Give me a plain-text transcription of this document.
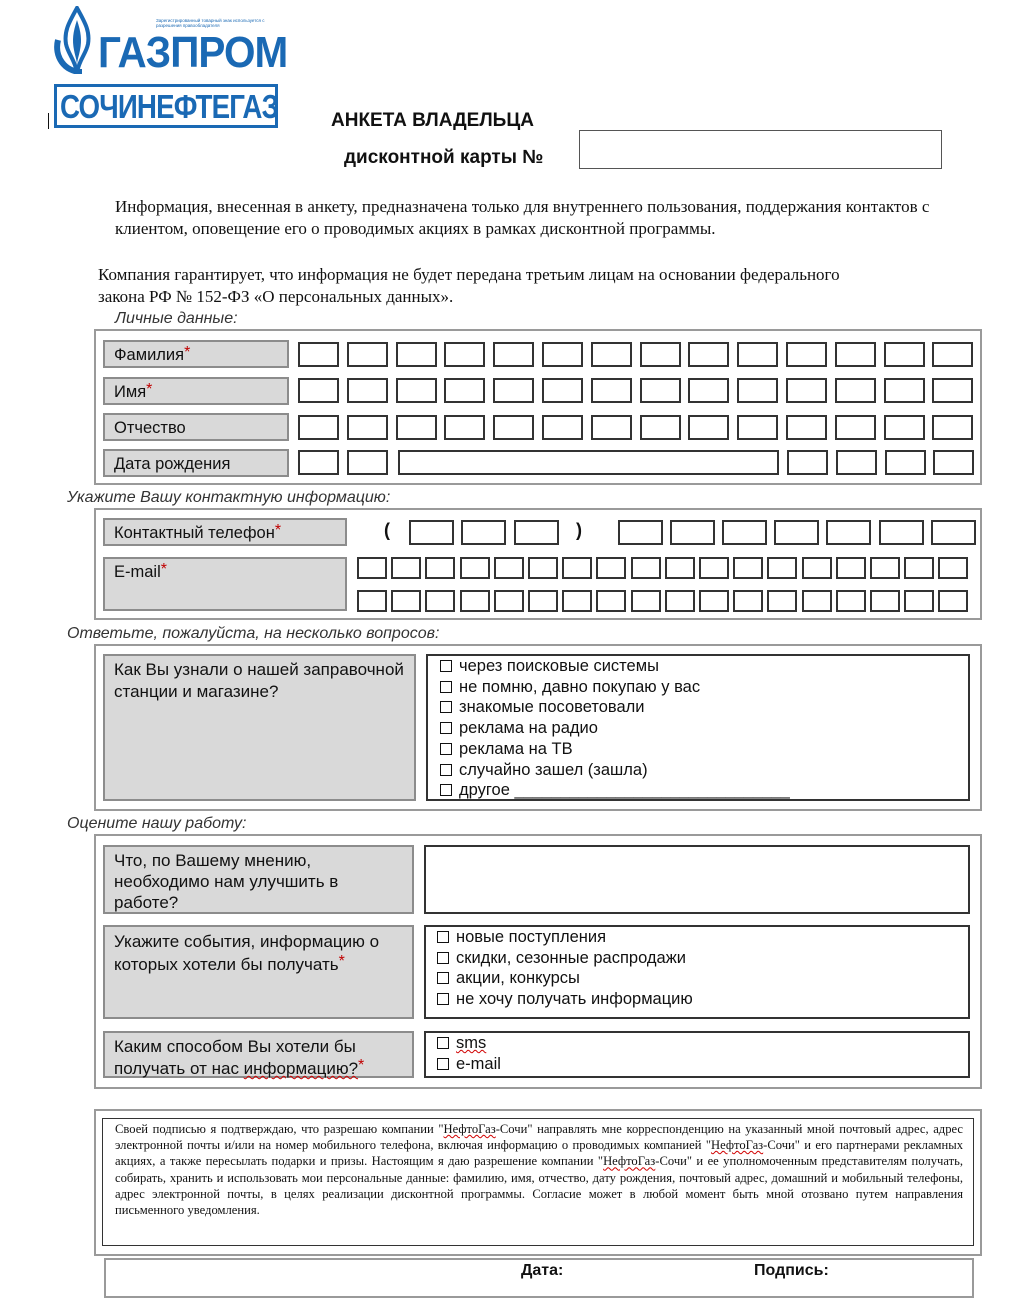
ГАЗПРОМ
Зарегистрированный товарный знак используется с разрешения правообладателя
СОЧИНЕФТЕГАЗ	АНКЕТА ВЛАДЕЛЬЦА
дисконтной карты №
Информация, внесенная в анкету, предназначена только для внутреннего пользования, поддержания контактов с клиентом, оповещение его о проводимых акциях в рамках дисконтной программы.
Компания гарантирует, что информация не будет передана третьим лицам на основании федерального закона РФ № 152-ФЗ «О персональных данных».
Личные данные:
Фамилия*
Имя*
Отчество
Дата рождения
Укажите Вашу контактную информацию:
Контактный телефон*
E-mail*
(	)
Ответьте, пожалуйста, на несколько вопросов:
Как Вы узнали о нашей заправочной станции и магазине?
через поисковые системы
не помню, давно покупаю у вас
знакомые посоветовали
реклама на радио
реклама на ТВ
случайно зашел (зашла)
другое ______________________________
Оцените нашу работу:
Что, по Вашему мнению, необходимо нам улучшить в работе?
Укажите события, информацию о которых хотели бы получать*
новые поступления
скидки, сезонные распродажи
акции, конкурсы
не хочу получать информацию
Каким способом Вы хотели бы получать от нас информацию?*
sms
e-mail
Своей подписью я подтверждаю, что разрешаю компании "НефтоГаз-Сочи" направлять мне корреспонденцию на указанный мной почтовый адрес, адрес электронной почты и/или на номер мобильного телефона, включая информацию о проводимых компанией "НефтоГаз-Сочи" и его партнерами рекламных акциях, а также пересылать подарки и призы. Настоящим я даю разрешение компании "НефтоГаз-Сочи" и ее уполномоченным представителям получать, собирать, хранить и использовать мои персональные данные: фамилию, имя, отчество, дату рождения, почтовый адрес, домашний и мобильный телефоны, адрес электронной почты, в целях реализации дисконтной программы. Согласие может в любой момент быть мной отозвано путем направления письменного уведомления.
Дата:	Подпись:
